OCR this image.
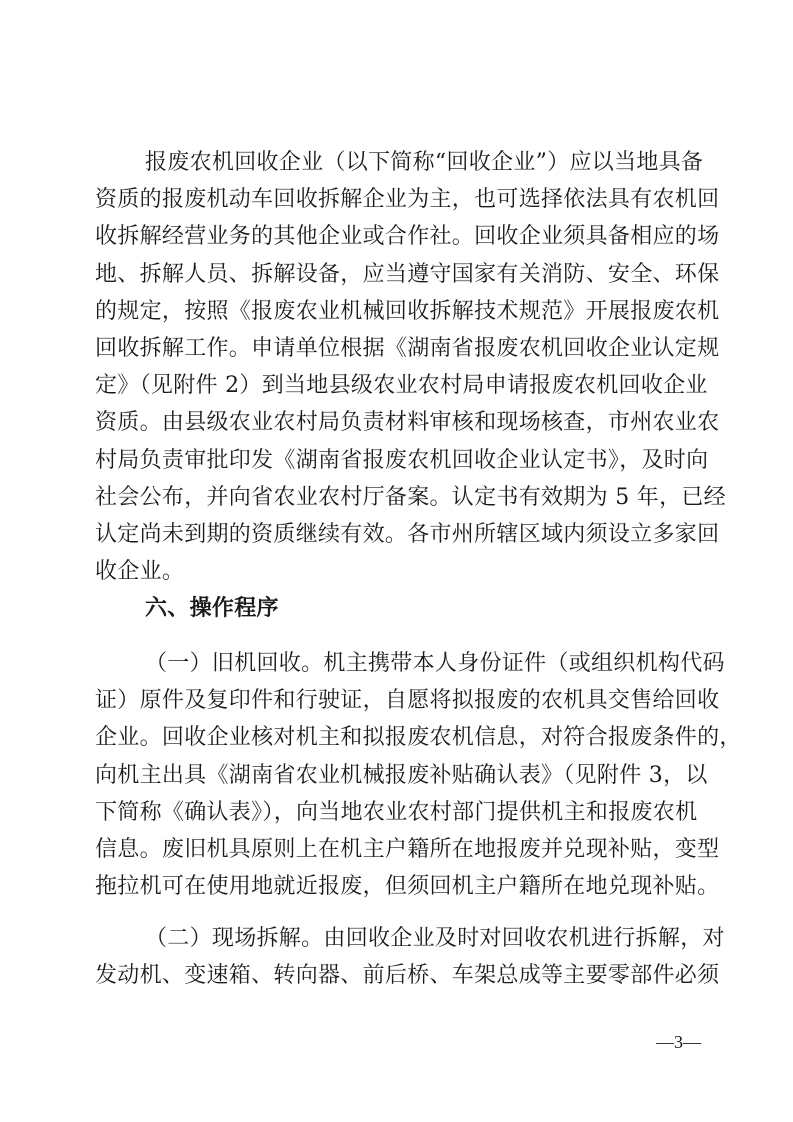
报废农机回收企业（以下简称“回收企业”）应以当地具备
资质的报废机动车回收拆解企业为主，也可选择依法具有农机回
收拆解经营业务的其他企业或合作社。回收企业须具备相应的场
地、拆解人员、拆解设备，应当遵守国家有关消防、安全、环保
的规定，按照《报废农业机械回收拆解技术规范》开展报废农机
回收拆解工作。申请单位根据《湖南省报废农机回收企业认定规
定》（见附件 2）到当地县级农业农村局申请报废农机回收企业
资质。由县级农业农村局负责材料审核和现场核查，市州农业农
村局负责审批印发《湖南省报废农机回收企业认定书》，及时向
社会公布，并向省农业农村厅备案。认定书有效期为 5 年，已经
认定尚未到期的资质继续有效。各市州所辖区域内须设立多家回
收企业。
六、操作程序
（一）旧机回收。机主携带本人身份证件（或组织机构代码
证）原件及复印件和行驶证，自愿将拟报废的农机具交售给回收
企业。回收企业核对机主和拟报废农机信息，对符合报废条件的，
向机主出具《湖南省农业机械报废补贴确认表》（见附件 3，以
下简称《确认表》），向当地农业农村部门提供机主和报废农机
信息。废旧机具原则上在机主户籍所在地报废并兑现补贴，变型
拖拉机可在使用地就近报废，但须回机主户籍所在地兑现补贴。
（二）现场拆解。由回收企业及时对回收农机进行拆解，对
发动机、变速箱、转向器、前后桥、车架总成等主要零部件必须
—3—
